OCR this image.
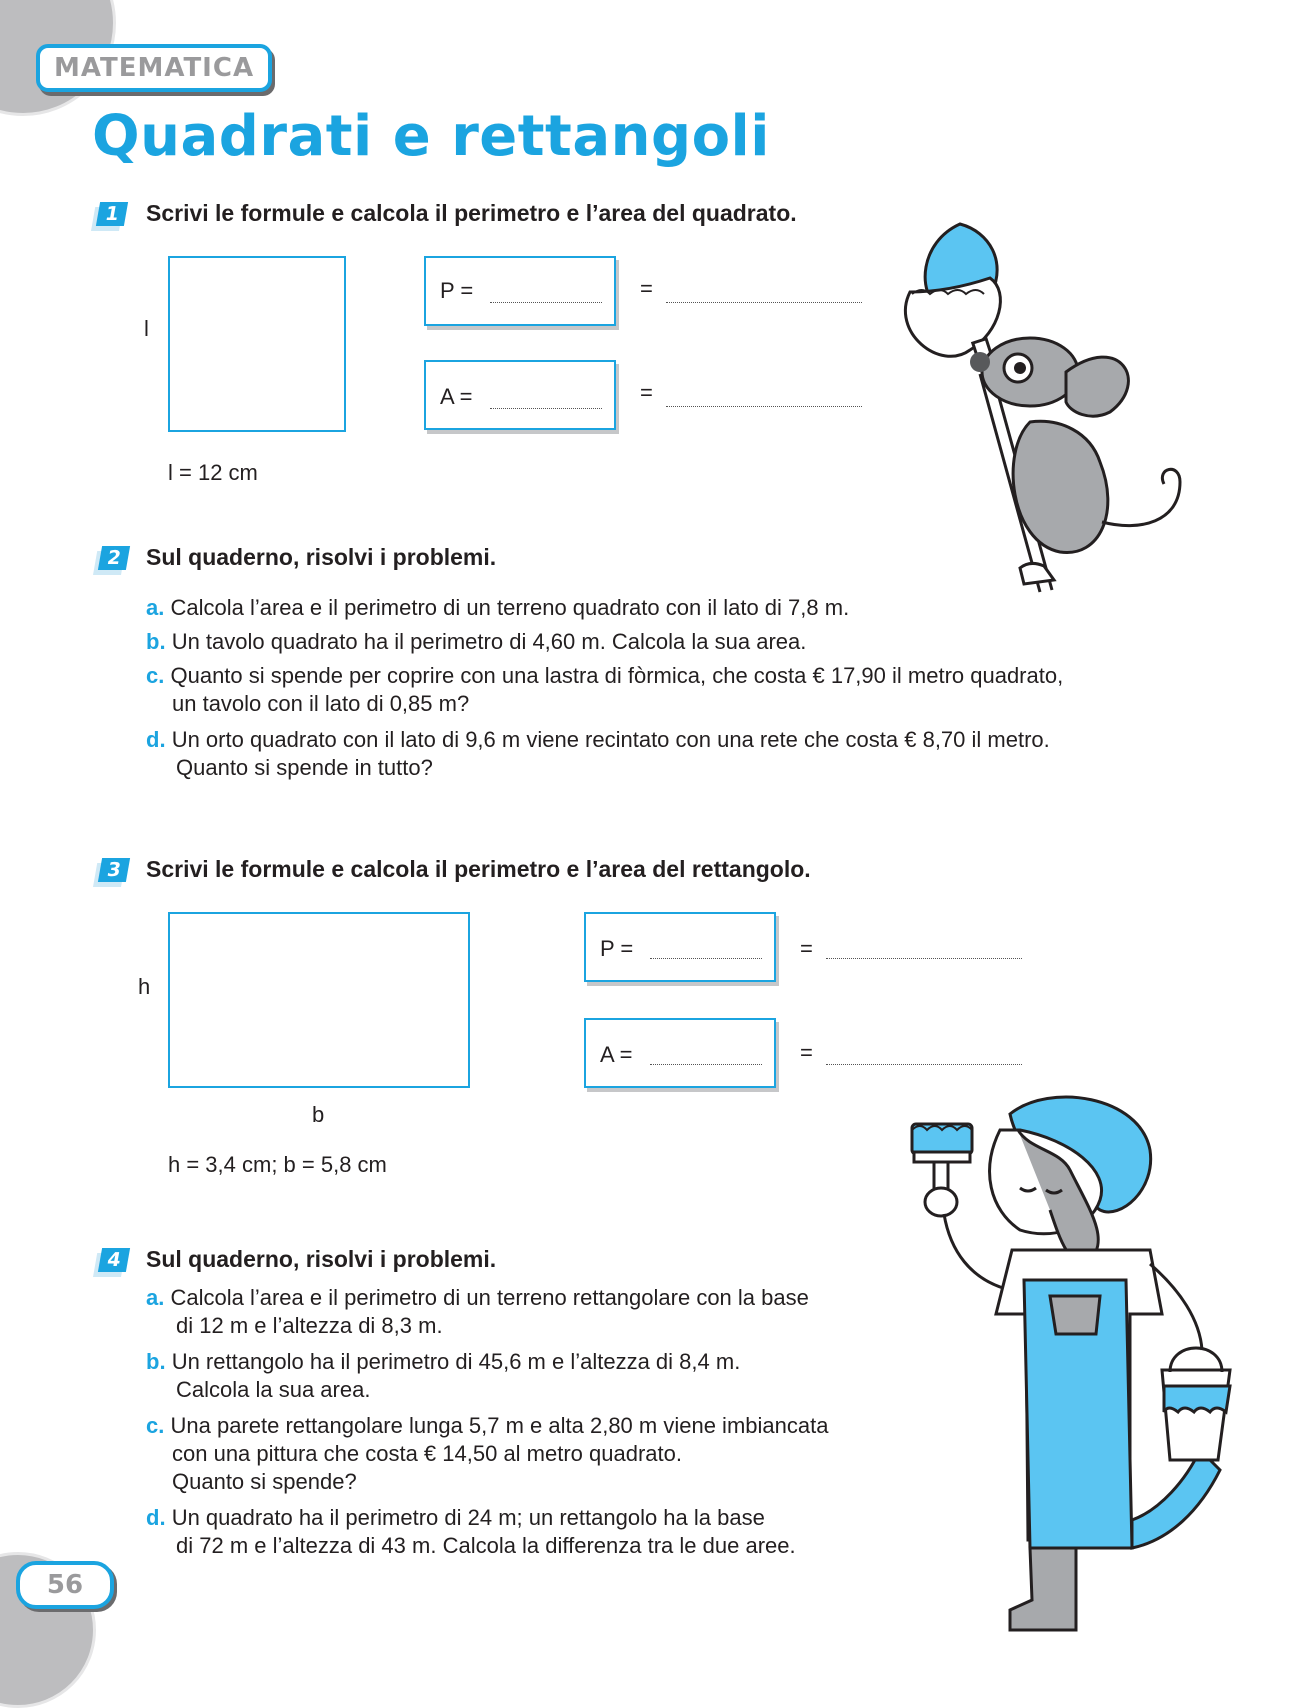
MATEMATICA
Quadrati e rettangoli
1	Scrivi le formule e calcola il perimetro e l’area del quadrato.
l
l = 12 cm
P =	=
A =	=
2	Sul quaderno, risolvi i problemi.
a. Calcola l’area e il perimetro di un terreno quadrato con il lato di 7,8 m.
b. Un tavolo quadrato ha il perimetro di 4,60 m. Calcola la sua area.
c. Quanto si spende per coprire con una lastra di fòrmica, che costa € 17,90 il metro quadrato,
un tavolo con il lato di 0,85 m?
d. Un orto quadrato con il lato di 9,6 m viene recintato con una rete che costa € 8,70 il metro.
Quanto si spende in tutto?
3	Scrivi le formule e calcola il perimetro e l’area del rettangolo.
h
b
h = 3,4 cm; b = 5,8 cm
P =	=
A =	=
4	Sul quaderno, risolvi i problemi.
a. Calcola l’area e il perimetro di un terreno rettangolare con la base
di 12 m e l’altezza di 8,3 m.
b. Un rettangolo ha il perimetro di 45,6 m e l’altezza di 8,4 m.
Calcola la sua area.
c. Una parete rettangolare lunga 5,7 m e alta 2,80 m viene imbiancata
con una pittura che costa € 14,50 al metro quadrato.
Quanto si spende?
d. Un quadrato ha il perimetro di 24 m; un rettangolo ha la base
di 72 m e l’altezza di 43 m. Calcola la differenza tra le due aree.
56
